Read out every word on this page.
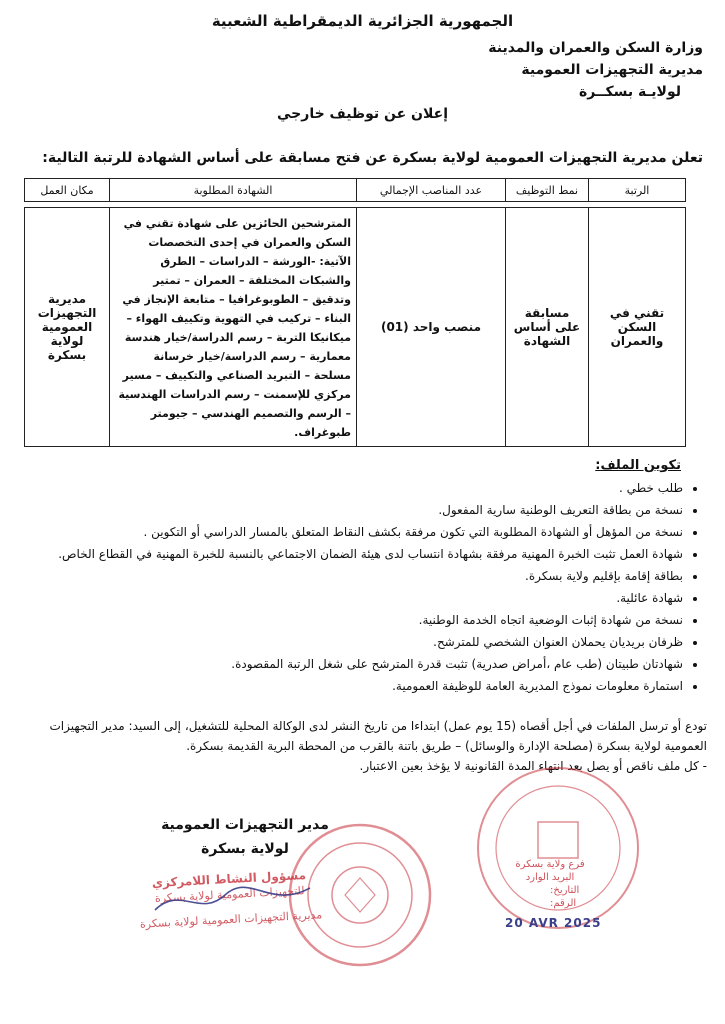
الجمهورية الجزائرية الديمقراطية الشعبية
وزارة السكن والعمران والمدينة
مديرية التجهيزات العمومية
لولايـة بسكــرة
إعلان عن توظيف خارجي
تعلن مديرية التجهيزات العمومية لولاية بسكرة عن فتح مسابقة على أساس الشهادة للرتبة التالية:
الرتبة	نمط التوظيف	عدد المناصب الإجمالي	الشهادة المطلوبة	مكان العمل

تقني في السكن والعمران	مسابقة على أساس الشهادة	منصب واحد (01)	المترشحين الحائزين على شهادة تقني في السكن والعمران في إحدى التخصصات الآتية: -الورشة – الدراسات – الطرق والشبكات المختلفة – العمران – تمتير وتدقيق – الطوبوغرافيا – متابعة الإنجاز في البناء – تركيب في التهوية وتكييف الهواء – ميكانيكا التربة – رسم الدراسة/خيار هندسة معمارية – رسم الدراسة/خيار خرسانة مسلحة – التبريد الصناعي والتكييف – مسير مركزي للإسمنت – رسم الدراسات الهندسية – الرسم والتصميم الهندسي – جيومتر طبوغراف.	مديرية التجهيزات العمومية لولاية بسكرة
تكوين الملف:
• طلب خطي .
• نسخة من بطاقة التعريف الوطنية سارية المفعول.
• نسخة من المؤهل أو الشهادة المطلوبة التي تكون مرفقة بكشف النقاط المتعلق بالمسار الدراسي أو التكوين .
• شهادة العمل تثبت الخبرة المهنية مرفقة بشهادة انتساب لدى هيئة الضمان الاجتماعي بالنسبة للخبرة المهنية في القطاع الخاص.
• بطاقة إقامة بإقليم ولاية بسكرة.
• شهادة عائلية.
• نسخة من شهادة إثبات الوضعية اتجاه الخدمة الوطنية.
• ظرفان بريديان يحملان العنوان الشخصي للمترشح.
• شهادتان طبيتان (طب عام ،أمراض صدرية) تثبت قدرة المترشح على شغل الرتبة المقصودة.
• استمارة معلومات نموذج المديرية العامة للوظيفة العمومية.
تودع أو ترسل الملفات في أجل أقصاه (15 يوم عمل) ابتداءا من تاريخ النشر لدى الوكالة المحلية للتشغيل، إلى السيد: مدير التجهيزات العمومية لولاية بسكرة (مصلحة الإدارة والوسائل) – طريق باتنة بالقرب من المحطة البرية القديمة بسكرة.
- كل ملف ناقص أو يصل بعد انتهاء المدة القانونية لا يؤخذ بعين الاعتبار.
فرع ولاية بسكرة
البريد الوارد
التاريخ:
الرقم:
20 AVR 2025
مدير التجهيزات العمومية
لولاية بسكرة
مسؤول النشاط اللامركزي
للتجهيزات العمومية لولاية بسكرة
مديرية التجهيزات العمومية لولاية بسكرة
